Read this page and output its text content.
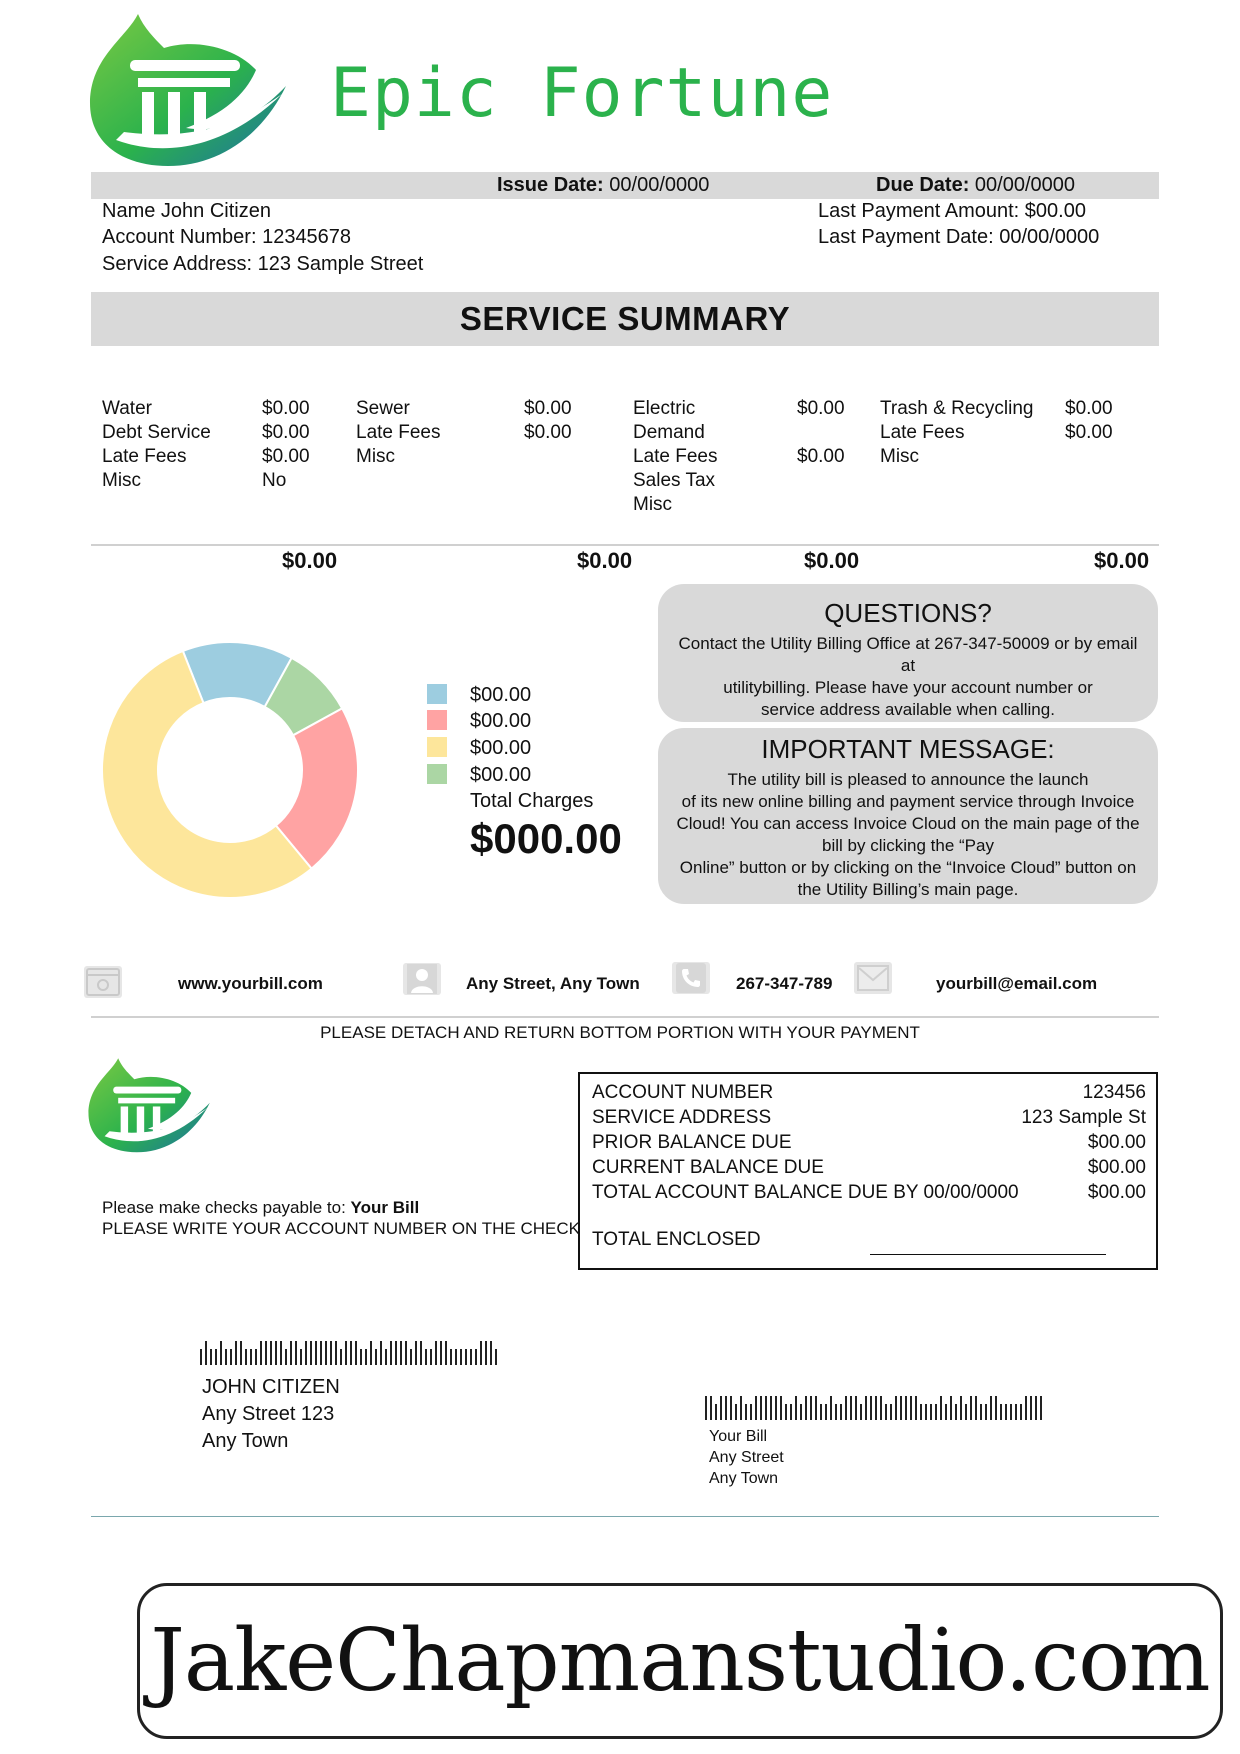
Epic Fortune
Issue Date: 00/00/0000	Due Date: 00/00/0000
Name John Citizen
Account Number: 12345678
Service Address: 123 Sample Street
Last Payment Amount: $00.00
Last Payment Date: 00/00/0000
SERVICE SUMMARY
Water	$0.00
Debt Service	$0.00
Late Fees	$0.00
Misc	No
Sewer	$0.00
Late Fees	$0.00
Misc
Electric	$0.00
Demand
Late Fees	$0.00
Sales Tax
Misc
Trash & Recycling $0.00
Late Fees	$0.00
Misc
$0.00	$0.00	$0.00	$0.00
$00.00
$00.00
$00.00
$00.00
Total Charges
$000.00
QUESTIONS?
Contact the Utility Billing Office at 267-347-50009 or by email at
utilitybilling. Please have your account number or
service address available when calling.
IMPORTANT MESSAGE:
The utility bill is pleased to announce the launch
of its new online billing and payment service through Invoice
Cloud! You can access Invoice Cloud on the main page of the
bill by clicking the “Pay
Online” button or by clicking on the “Invoice Cloud” button on
the Utility Billing’s main page.
www.yourbill.com	Any Street, Any Town	267-347-789	yourbill@email.com
PLEASE DETACH AND RETURN BOTTOM PORTION WITH YOUR PAYMENT
Please make checks payable to: Your Bill
PLEASE WRITE YOUR ACCOUNT NUMBER ON THE CHECK
ACCOUNT NUMBER	123456
SERVICE ADDRESS	123 Sample St
PRIOR BALANCE DUE	$00.00
CURRENT BALANCE DUE	$00.00
TOTAL ACCOUNT BALANCE DUE BY 00/00/0000	$00.00
TOTAL ENCLOSED
JOHN CITIZEN
Any Street 123
Any Town	Your Bill
Any Street
Any Town
JakeChapmanstudio.com
